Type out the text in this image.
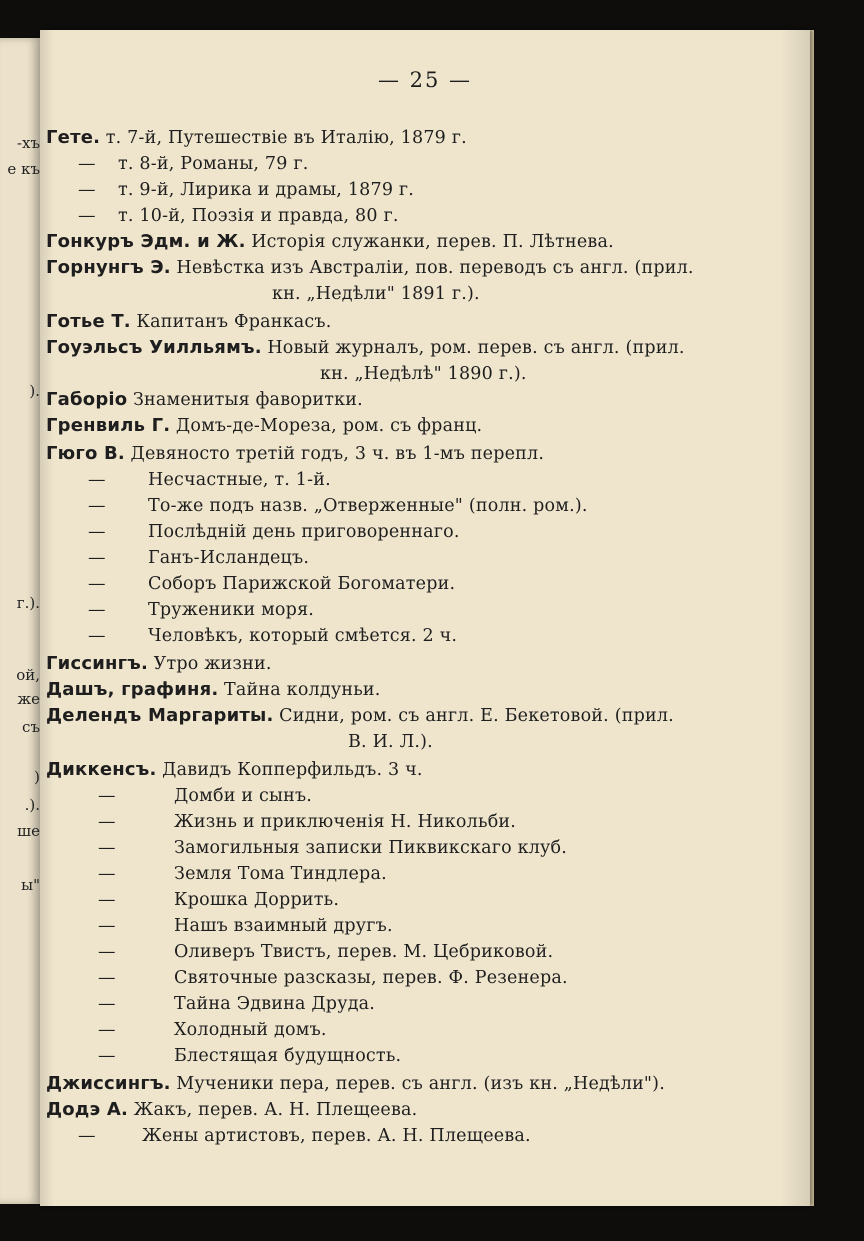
-хъ
е къ
).
г.).
ой,
же
съ
)
.).
ше
ы"
— 25 —
Гете. т. 7-й, Путешествіе въ Италію, 1879 г.
— т. 8-й, Романы, 79 г.
— т. 9-й, Лирика и драмы, 1879 г.
— т. 10-й, Поэзія и правда, 80 г.
Гонкуръ Эдм. и Ж. Исторія служанки, перев. П. Лѣтнева.
Горнунгъ Э. Невѣстка изъ Австраліи, пов. переводъ съ англ. (прил.
кн. „Недѣли" 1891 г.).
Готье Т. Капитанъ Франкасъ.
Гоуэльсъ Уилльямъ. Новый журналъ, ром. перев. съ англ. (прил.
кн. „Недѣлѣ" 1890 г.).
Габоріо Знаменитыя фаворитки.
Гренвиль Г. Домъ-де-Мореза, ром. съ франц.
Гюго В. Девяносто третій годъ, 3 ч. въ 1-мъ перепл.
— Несчастные, т. 1-й.
— То-же подъ назв. „Отверженные" (полн. ром.).
— Послѣдній день приговореннаго.
— Ганъ-Исландецъ.
— Соборъ Парижской Богоматери.
— Труженики моря.
— Человѣкъ, который смѣется. 2 ч.
Гиссингъ. Утро жизни.
Дашъ, графиня. Тайна колдуньи.
Делендъ Маргариты. Сидни, ром. съ англ. Е. Бекетовой. (прил.
В. И. Л.).
Диккенсъ. Давидъ Копперфильдъ. 3 ч.
—	Домби и сынъ.
—	Жизнь и приключенія Н. Никольби.
—	Замогильныя записки Пиквикскаго клуб.
—	Земля Тома Тиндлера.
—	Крошка Доррить.
—	Нашъ взаимный другъ.
—	Оливеръ Твистъ, перев. М. Цебриковой.
—	Святочные разсказы, перев. Ф. Резенера.
—	Тайна Эдвина Друда.
—	Холодный домъ.
—	Блестящая будущность.
Джиссингъ. Мученики пера, перев. съ англ. (изъ кн. „Недѣли").
Додэ А. Жакъ, перев. А. Н. Плещеева.
—	Жены артистовъ, перев. А. Н. Плещеева.
